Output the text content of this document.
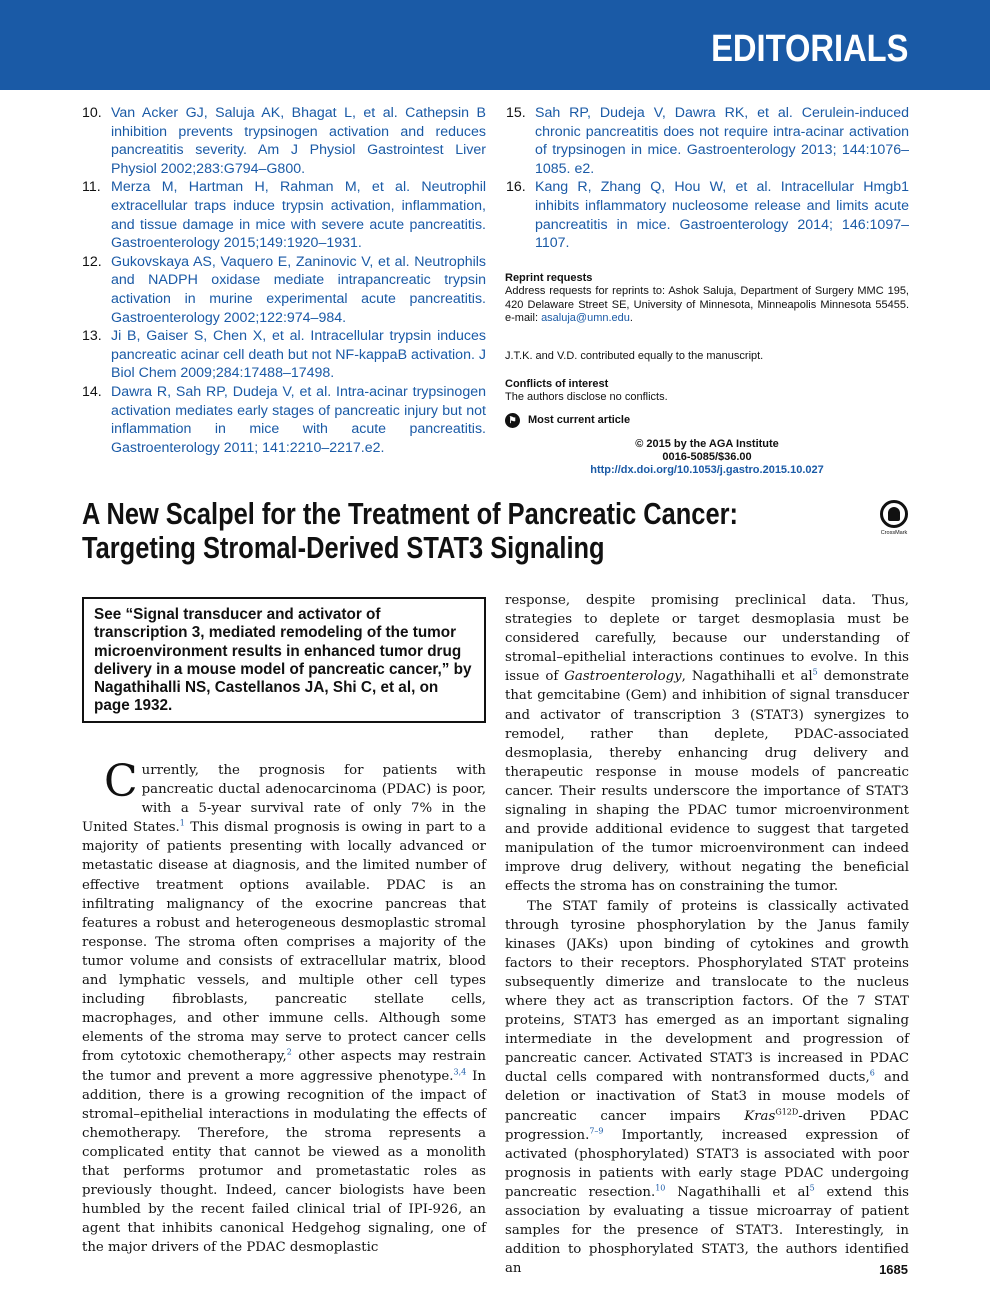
EDITORIALS
10. Van Acker GJ, Saluja AK, Bhagat L, et al. Cathepsin B inhibition prevents trypsinogen activation and reduces pancreatitis severity. Am J Physiol Gastrointest Liver Physiol 2002;283:G794–G800.
11. Merza M, Hartman H, Rahman M, et al. Neutrophil extracellular traps induce trypsin activation, inflammation, and tissue damage in mice with severe acute pancreatitis. Gastroenterology 2015;149:1920–1931.
12. Gukovskaya AS, Vaquero E, Zaninovic V, et al. Neutrophils and NADPH oxidase mediate intrapancreatic trypsin activation in murine experimental acute pancreatitis. Gastroenterology 2002;122:974–984.
13. Ji B, Gaiser S, Chen X, et al. Intracellular trypsin induces pancreatic acinar cell death but not NF-kappaB activation. J Biol Chem 2009;284:17488–17498.
14. Dawra R, Sah RP, Dudeja V, et al. Intra-acinar trypsinogen activation mediates early stages of pancreatic injury but not inflammation in mice with acute pancreatitis. Gastroenterology 2011; 141:2210–2217.e2.
15. Sah RP, Dudeja V, Dawra RK, et al. Cerulein-induced chronic pancreatitis does not require intra-acinar activation of trypsinogen in mice. Gastroenterology 2013; 144:1076–1085. e2.
16. Kang R, Zhang Q, Hou W, et al. Intracellular Hmgb1 inhibits inflammatory nucleosome release and limits acute pancreatitis in mice. Gastroenterology 2014; 146:1097–1107.
Reprint requests
Address requests for reprints to: Ashok Saluja, Department of Surgery MMC 195, 420 Delaware Street SE, University of Minnesota, Minneapolis Minnesota 55455. e-mail: asaluja@umn.edu.
J.T.K. and V.D. contributed equally to the manuscript.
Conflicts of interest
The authors disclose no conflicts.
⚑	Most current article
© 2015 by the AGA Institute
0016-5085/$36.00
http://dx.doi.org/10.1053/j.gastro.2015.10.027
A New Scalpel for the Treatment of Pancreatic Cancer:
Targeting Stromal-Derived STAT3 Signaling	CrossMark
See “Signal transducer and activator of transcription 3, mediated remodeling of the tumor microenvironment results in enhanced tumor drug delivery in a mouse model of pancreatic cancer,” by Nagathihalli NS, Castellanos JA, Shi C, et al, on page 1932.

Currently, the prognosis for patients with pancreatic ductal adenocarcinoma (PDAC) is poor, with a 5-year survival rate of only 7% in the United States.$^1$ This dismal prognosis is owing in part to a majority of patients presenting with locally advanced or metastatic disease at diagnosis, and the limited number of effective treatment options available. PDAC is an infiltrating malignancy of the exocrine pancreas that features a robust and heterogeneous desmoplastic stromal response. The stroma often comprises a majority of the tumor volume and consists of extracellular matrix, blood and lymphatic vessels, and multiple other cell types including fibroblasts, pancreatic stellate cells, macrophages, and other immune cells. Although some elements of the stroma may serve to protect cancer cells from cytotoxic chemotherapy,$^2$ other aspects may restrain the tumor and prevent a more aggressive phenotype.$^{3,4}$ In addition, there is a growing recognition of the impact of stromal–epithelial interactions in modulating the effects of chemotherapy. Therefore, the stroma represents a complicated entity that cannot be viewed as a monolith that performs protumor and prometastatic roles as previously thought. Indeed, cancer biologists have been humbled by the recent failed clinical trial of IPI-926, an agent that inhibits canonical Hedgehog signaling, one of the major drivers of the PDAC desmoplastic

response, despite promising preclinical data. Thus, strategies to deplete or target desmoplasia must be considered carefully, because our understanding of stromal–epithelial interactions continues to evolve. In this issue of Gastroenterology, Nagathihalli et $al^5$ demonstrate that gemcitabine (Gem) and inhibition of signal transducer and activator of transcription 3 (STAT3) synergizes to remodel, rather than deplete, PDAC-associated desmoplasia, thereby enhancing drug delivery and therapeutic response in mouse models of pancreatic cancer. Their results underscore the importance of STAT3 signaling in shaping the PDAC tumor microenvironment and provide additional evidence to suggest that targeted manipulation of the tumor microenvironment can indeed improve drug delivery, without negating the beneficial effects the stroma has on constraining the tumor.

The STAT family of proteins is classically activated through tyrosine phosphorylation by the Janus family kinases (JAKs) upon binding of cytokines and growth factors to their receptors. Phosphorylated STAT proteins subsequently dimerize and translocate to the nucleus where they act as transcription factors. Of the 7 STAT proteins, STAT3 has emerged as an important signaling intermediate in the development and progression of pancreatic cancer. Activated STAT3 is increased in PDAC ductal cells compared with nontransformed ducts,$^6$ and deletion or inactivation of Stat3 in mouse models of pancreatic cancer impairs Kras$^{G12D}$-driven PDAC progression.$^{7-9}$ Importantly, increased expression of activated (phosphorylated) STAT3 is associated with poor prognosis in patients with early stage PDAC undergoing pancreatic resection.$^{10}$ Nagathihalli et $al^5$ extend this association by evaluating a tissue microarray of patient samples for the presence of STAT3. Interestingly, in addition to phosphorylated STAT3, the authors identified an	1685
